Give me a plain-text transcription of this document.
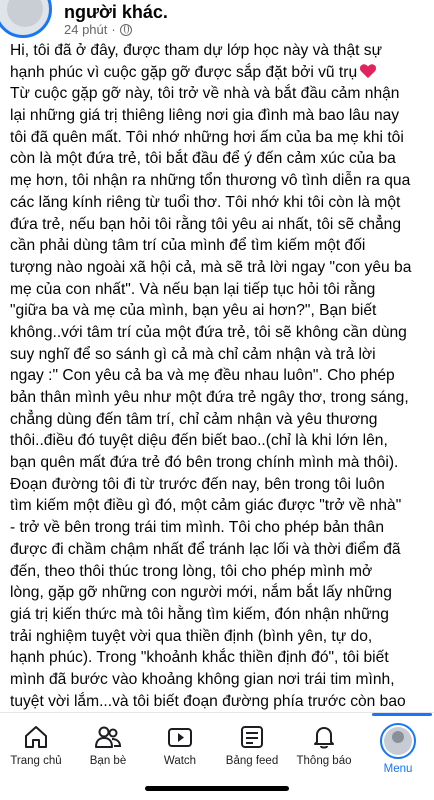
người khác.
24 phút ·
Hi, tôi đã ở đây, được tham dự lớp học này và thật sự
hạnh phúc vì cuộc gặp gỡ được sắp đặt bởi vũ trụ
Từ cuộc gặp gỡ này, tôi trở về nhà và bắt đầu cảm nhận
lại những giá trị thiêng liêng nơi gia đình mà bao lâu nay
tôi đã quên mất. Tôi nhớ những hơi ấm của ba mẹ khi tôi
còn là một đứa trẻ, tôi bắt đầu để ý đến cảm xúc của ba
mẹ hơn, tôi nhận ra những tổn thương vô tình diễn ra qua
các lăng kính riêng từ tuổi thơ. Tôi nhớ khi tôi còn là một
đứa trẻ, nếu bạn hỏi tôi rằng tôi yêu ai nhất, tôi sẽ chẳng
cần phải dùng tâm trí của mình để tìm kiếm một đối
tượng nào ngoài xã hội cả, mà sẽ trả lời ngay "con yêu ba
mẹ của con nhất". Và nếu bạn lại tiếp tục hỏi tôi rằng
"giữa ba và mẹ của mình, bạn yêu ai hơn?", Bạn biết
không..với tâm trí của một đứa trẻ, tôi sẽ không cần dùng
suy nghĩ để so sánh gì cả mà chỉ cảm nhận và trả lời
ngay :" Con yêu cả ba và mẹ đều nhau luôn". Cho phép
bản thân mình yêu như một đứa trẻ ngây thơ, trong sáng,
chẳng dùng đến tâm trí, chỉ cảm nhận và yêu thương
thôi..điều đó tuyệt diệu đến biết bao..(chỉ là khi lớn lên,
bạn quên mất đứa trẻ đó bên trong chính mình mà thôi).
Đoạn đường tôi đi từ trước đến nay, bên trong tôi luôn
tìm kiếm một điều gì đó, một cảm giác được "trở về nhà"
- trở về bên trong trái tim mình. Tôi cho phép bản thân
được đi chầm chậm nhất để tránh lạc lối và thời điểm đã
đến, theo thôi thúc trong lòng, tôi cho phép mình mở
lòng, gặp gỡ những con người mới, nắm bắt lấy những
giá trị kiến thức mà tôi hằng tìm kiếm, đón nhận những
trải nghiệm tuyệt vời qua thiền định (bình yên, tự do,
hạnh phúc). Trong "khoảnh khắc thiền định đó", tôi biết
mình đã bước vào khoảng không gian nơi trái tim mình,
tuyệt vời lắm...và tôi biết đoạn đường phía trước còn bao
Trang chủ	Bạn bè	Watch	Bảng feed	Thông báo
Menu
